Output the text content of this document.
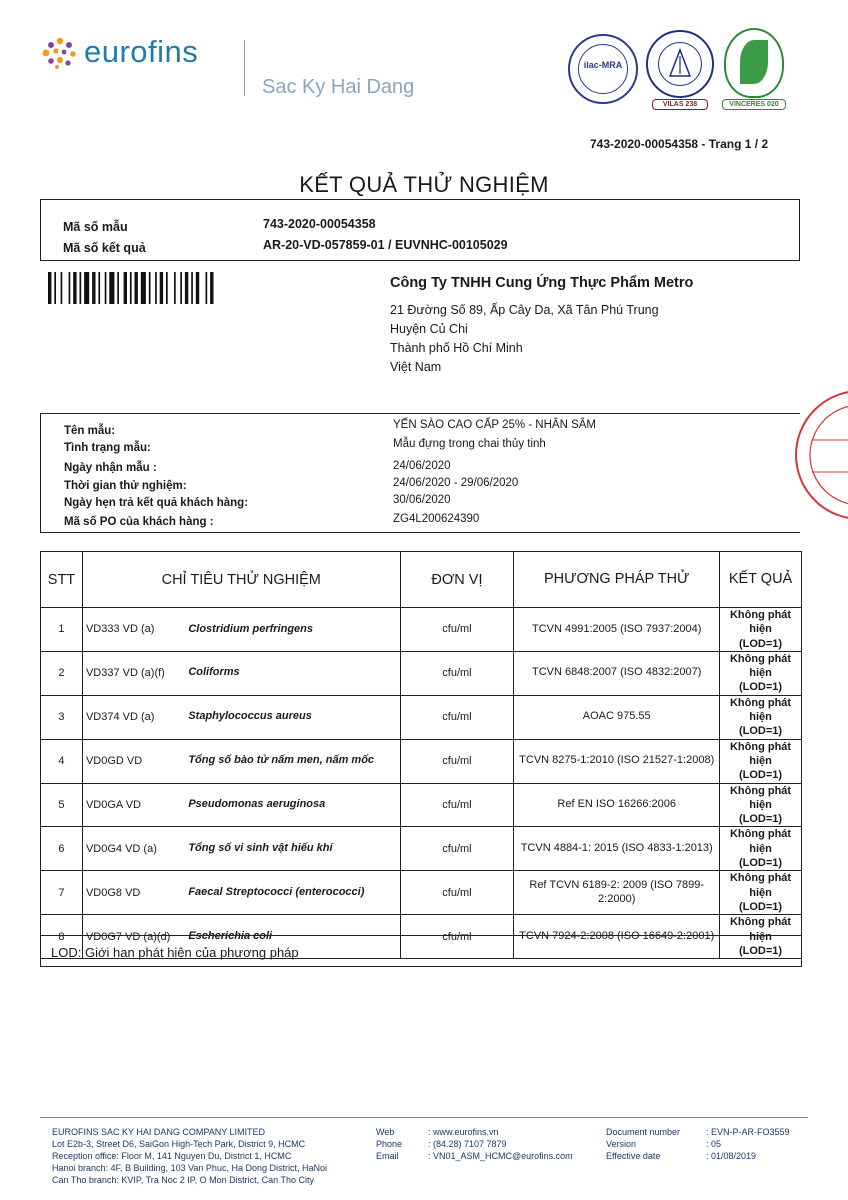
eurofins
Sac Ky Hai Dang
ilac-MRA
VILAS 238	VINCERES 020
743-2020-00054358 - Trang 1 / 2
KẾT QUẢ THỬ NGHIỆM
Mã số mẫu	743-2020-00054358
Mã số kết quả	AR-20-VD-057859-01 / EUVNHC-00105029
Công Ty TNHH Cung Ứng Thực Phẩm Metro
21 Đường Số 89, Ấp Cây Da, Xã Tân Phú Trung
Huyện Củ Chi
Thành phố Hồ Chí Minh
Việt Nam
Tên mẫu:	YẾN SÀO CAO CẤP 25% - NHÂN SÂM
Tình trạng mẫu:	Mẫu đựng trong chai thủy tinh
Ngày nhận mẫu :	24/06/2020
Thời gian thử nghiệm:	24/06/2020 - 29/06/2020
Ngày hẹn trả kết quả khách hàng:	30/06/2020
Mã số PO của khách hàng :	ZG4L200624390
STT	CHỈ TIÊU THỬ NGHIỆM		ĐƠN VỊ	PHƯƠNG PHÁP THỬ	KẾT QUẢ
1	VD333 VD (a)	Clostridium perfringens	cfu/ml	TCVN 4991:2005 (ISO 7937:2004)	Không phát hiện
(LOD=1)

2	VD337 VD (a)(f)	Coliforms	cfu/ml	TCVN 6848:2007 (ISO 4832:2007)	Không phát hiện
(LOD=1)

3	VD374 VD (a)	Staphylococcus aureus	cfu/ml	AOAC 975.55	Không phát hiện
(LOD=1)

4	VD0GD VD	Tổng số bào tử nấm men, nấm mốc	cfu/ml	TCVN 8275-1:2010 (ISO 21527-1:2008)	Không phát hiện
(LOD=1)

5	VD0GA VD	Pseudomonas aeruginosa	cfu/ml	Ref EN ISO 16266:2006	Không phát hiện
(LOD=1)

6	VD0G4 VD (a)	Tổng số vi sinh vật hiếu khí	cfu/ml	TCVN 4884-1: 2015 (ISO 4833-1:2013)	Không phát hiện
(LOD=1)

7	VD0G8 VD	Faecal Streptococci (enterococci)	cfu/ml	Ref TCVN 6189-2: 2009 (ISO 7899-2:2000)	Không phát hiện
(LOD=1)

8	VD0G7 VD (a)(d)	Escherichia coli	cfu/ml	TCVN 7924-2:2008 (ISO 16649-2:2001)	Không phát hiện
(LOD=1)
LOD: Giới hạn phát hiện của phương pháp
EUROFINS SAC KY HAI DANG COMPANY LIMITED
Lot E2b-3, Street D6, SaiGon High-Tech Park, District 9, HCMC
Reception office: Floor M, 141 Nguyen Du, District 1, HCMC
Hanoi branch: 4F, B Building, 103 Van Phuc, Ha Dong District, HaNoi
Can Tho branch: KVIP, Tra Noc 2 IP, O Mon District, Can Tho City
Web
Phone
Email
: www.eurofins.vn
: (84.28) 7107 7879
: VN01_ASM_HCMC@eurofins.com
Document number
Version
Effective date
: EVN-P-AR-FO3559
: 05
: 01/08/2019
